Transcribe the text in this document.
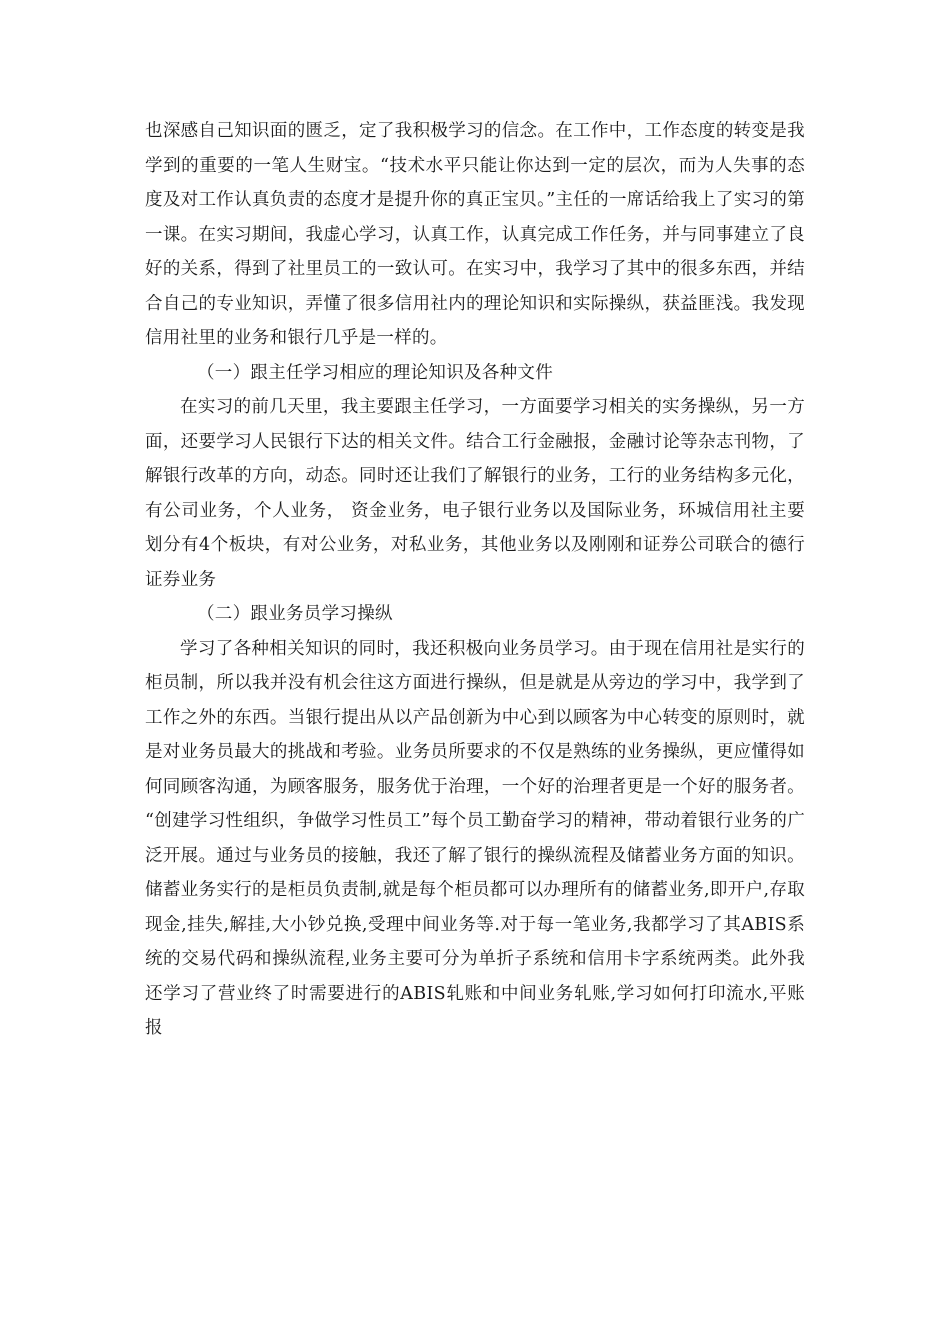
也深感自己知识面的匮乏，定了我积极学习的信念。在工作中，工作态度的转变是我学到的重要的一笔人生财宝。“技术水平只能让你达到一定的层次，而为人失事的态度及对工作认真负责的态度才是提升你的真正宝贝。”主任的一席话给我上了实习的第一课。在实习期间，我虚心学习，认真工作，认真完成工作任务，并与同事建立了良好的关系，得到了社里员工的一致认可。在实习中，我学习了其中的很多东西，并结合自己的专业知识，弄懂了很多信用社内的理论知识和实际操纵，获益匪浅。我发现信用社里的业务和银行几乎是一样的。

（一）跟主任学习相应的理论知识及各种文件

在实习的前几天里，我主要跟主任学习，一方面要学习相关的实务操纵，另一方面，还要学习人民银行下达的相关文件。结合工行金融报，金融讨论等杂志刊物，了解银行改革的方向，动态。同时还让我们了解银行的业务，工行的业务结构多元化，有公司业务，个人业务， 资金业务，电子银行业务以及国际业务，环城信用社主要划分有4个板块，有对公业务，对私业务，其他业务以及刚刚和证券公司联合的德行证券业务

（二）跟业务员学习操纵

学习了各种相关知识的同时，我还积极向业务员学习。由于现在信用社是实行的柜员制，所以我并没有机会往这方面进行操纵，但是就是从旁边的学习中，我学到了工作之外的东西。当银行提出从以产品创新为中心到以顾客为中心转变的原则时，就是对业务员最大的挑战和考验。业务员所要求的不仅是熟练的业务操纵，更应懂得如何同顾客沟通，为顾客服务，服务优于治理，一个好的治理者更是一个好的服务者。 “创建学习性组织，争做学习性员工”每个员工勤奋学习的精神，带动着银行业务的广泛开展。通过与业务员的接触，我还了解了银行的操纵流程及储蓄业务方面的知识。储蓄业务实行的是柜员负责制,就是每个柜员都可以办理所有的储蓄业务,即开户,存取现金,挂失,解挂,大小钞兑换,受理中间业务等.对于每一笔业务,我都学习了其ABIS系统的交易代码和操纵流程,业务主要可分为单折子系统和信用卡字系统两类。此外我还学习了营业终了时需要进行的ABIS轧账和中间业务轧账,学习如何打印流水,平账报
